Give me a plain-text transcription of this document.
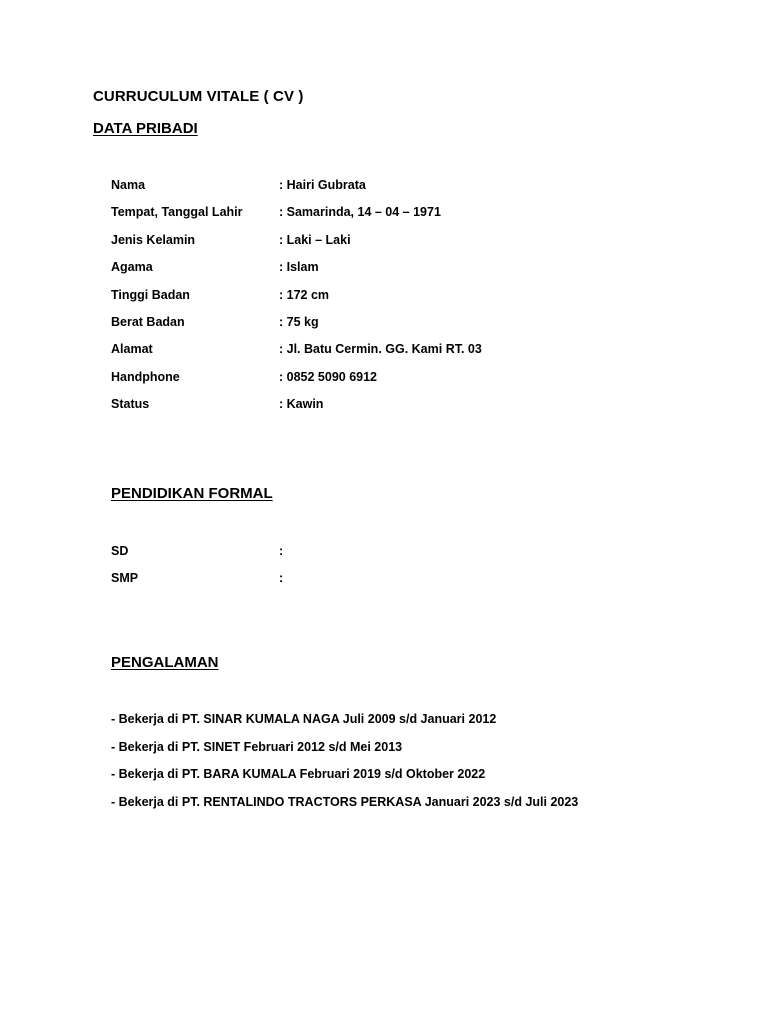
CURRUCULUM VITALE ( CV )
DATA PRIBADI
Nama	: Hairi Gubrata
Tempat, Tanggal Lahir	: Samarinda, 14 – 04 – 1971
Jenis Kelamin	: Laki – Laki
Agama	: Islam
Tinggi Badan	: 172 cm
Berat Badan	: 75 kg
Alamat	: Jl. Batu Cermin. GG. Kami RT. 03
Handphone	: 0852 5090 6912
Status	: Kawin
PENDIDIKAN FORMAL
SD	:
SMP	:
PENGALAMAN
- Bekerja di PT. SINAR KUMALA NAGA Juli 2009 s/d Januari 2012
- Bekerja di PT. SINET Februari 2012 s/d Mei 2013
- Bekerja di PT. BARA KUMALA Februari 2019 s/d Oktober 2022
- Bekerja di PT. RENTALINDO TRACTORS PERKASA Januari 2023 s/d Juli 2023
